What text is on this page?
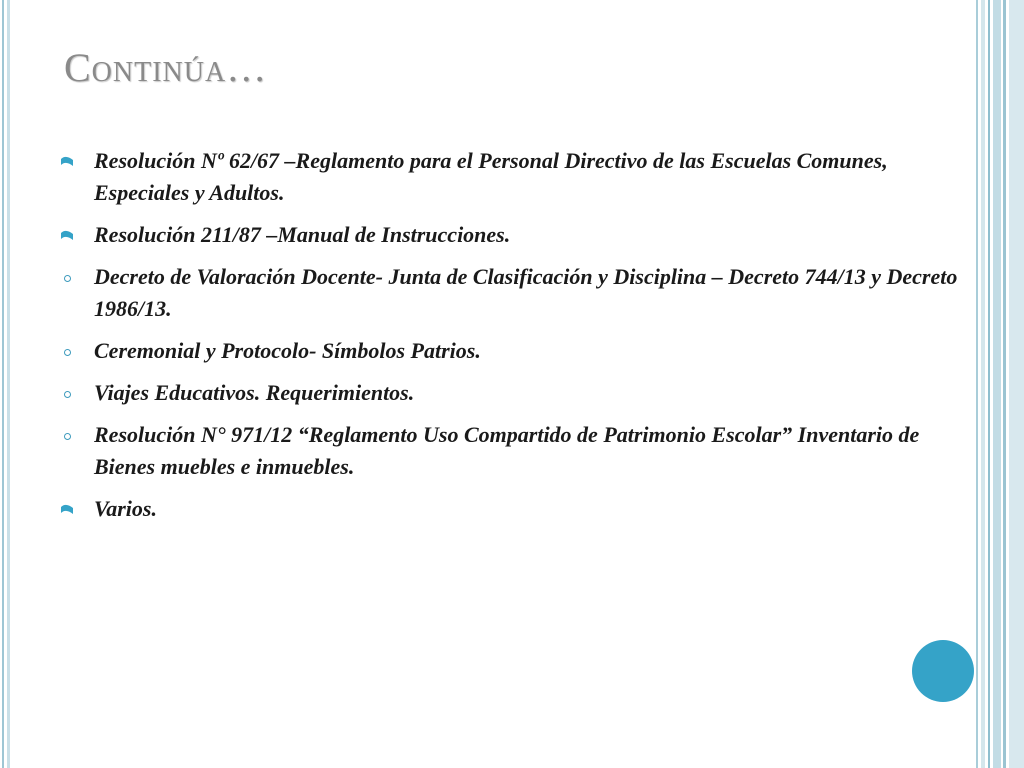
Continúa…
Resolución Nº 62/67 –Reglamento para el Personal Directivo de las Escuelas Comunes, Especiales y Adultos.
Resolución 211/87 –Manual de Instrucciones.
Decreto de Valoración Docente- Junta de Clasificación y Disciplina – Decreto 744/13 y Decreto 1986/13.
Ceremonial y Protocolo- Símbolos Patrios.
Viajes Educativos. Requerimientos.
Resolución N° 971/12 “Reglamento Uso Compartido de Patrimonio Escolar” Inventario de Bienes muebles e inmuebles.
Varios.
